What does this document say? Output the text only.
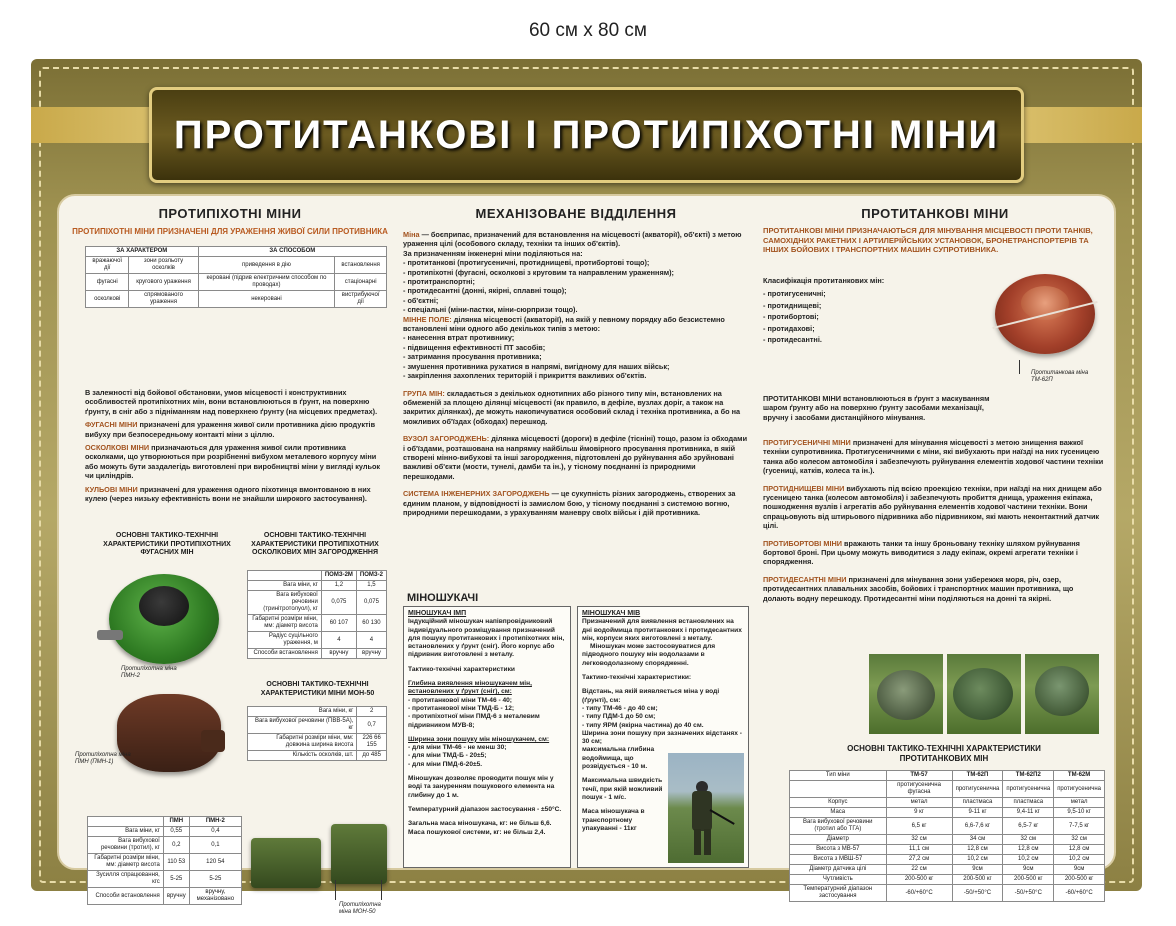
60 см х 80 см
ПРОТИТАНКОВІ І ПРОТИПІХОТНІ МІНИ
ПРОТИПІХОТНІ МІНИ
ПРОТИПІХОТНІ МІНИ ПРИЗНАЧЕНІ ДЛЯ УРАЖЕННЯ ЖИВОЇ СИЛИ ПРОТИВНИКА
ЗА ХАРАКТЕРОМ		ЗА СПОСОБОМ	
вражаючої дії	зони розльоту осколків	приведення в дію	встановлення
фугасні	кругового ураження	керовані (підрив електричним способом по проводах)	стаціонарні
осколкові	спрямованого ураження	некеровані	вистрибуючої дії

В залежності від бойової обстановки, умов місцевості і конструктивних особливостей протипіхотних мін, вони встановлюються в ґрунт, на поверхню ґрунту, в сніг або з підніманням над поверхнею ґрунту (на місцевих предметах).

ФУГАСНІ МІНИ призначені для ураження живої сили противника дією продуктів вибуху при безпосередньому контакті міни з ціллю.

ОСКОЛКОВІ МІНИ призначаються для ураження живої сили противника осколками, що утворюються при розрібненні вибухом металевого корпусу міни або можуть бути заздалегідь виготовлені при виробництві міни у вигляді кульок чи циліндрів.

КУЛЬОВІ МІНИ призначені для ураження одного піхотинця вмонтованою в них кулею (через низьку ефективність вони не знайшли широкого застосування).

ОСНОВНІ ТАКТИКО-ТЕХНІЧНІ ХАРАКТЕРИСТИКИ ПРОТИПІХОТНИХ ФУГАСНИХ МІН
ОСНОВНІ ТАКТИКО-ТЕХНІЧНІ ХАРАКТЕРИСТИКИ ПРОТИПІХОТНИХ ОСКОЛКОВИХ МІН ЗАГОРОДЖЕННЯ
	ПОМЗ-2М	ПОМЗ-2
Вага міни, кг	1,2	1,5
Вага вибухової речовини (тринітротолуол), кг	0,075	0,075
Габаритні розміри міни, мм: діаметр висота	60 107	60 130
Радіус суцільного ураження, м	4	4
Способи встановлення	вручну	вручну
Протипіхотна міна ПМН-2
ОСНОВНІ ТАКТИКО-ТЕХНІЧНІ ХАРАКТЕРИСТИКИ МІНИ МОН-50
Вага міни, кг	2
Вага вибухової речовини (ПВВ-5А), кг	0,7
Габаритні розміри міни, мм: довжина ширина висота	226 66 155
Кількість осколків, шт.	до 485
Протипіхотна міна ПМН (ПМН-1)
	ПМН	ПМН-2
Вага міни, кг	0,55	0,4
Вага вибухової речовини (тротил), кг	0,2	0,1
Габаритні розміри міни, мм: діаметр висота	110 53	120 54
Зусилля спрацювання, кгс	5-25	5-25
Способи встановлення	вручну	вручну, механізовано
Протипіхотна міна МОН-50
МЕХАНІЗОВАНЕ ВІДДІЛЕННЯ

Міна — боєприпас, призначений для встановлення на місцевості (акваторії), об'єкті) з метою ураження цілі (особового складу, техніки та інших об'єктів).

За призначенням інженерні міни поділяються на:
- протитанкові (протигусеничні, протиднищеві, протибортові тощо);
- протипіхотні (фугасні, осколкові з круговим та направленим ураженням);
- протитранспортні;
- протидесантні (донні, якірні, сплавні тощо);
- об'єктні;
- спеціальні (міни-пастки, міни-сюрпризи тощо).
МІННЕ ПОЛЕ: ділянка місцевості (акваторії), на якій у певному порядку або безсистемно встановлені міни одного або декількох типів з метою:
- нанесення втрат противнику;
- підвищення ефективності ПТ засобів;
- затримання просування противника;
- змушення противника рухатися в напрямі, вигідному для наших військ;
- закріплення захоплених територій і прикриття важливих об'єктів.

ГРУПА МІН: складається з декількох однотипних або різного типу мін, встановлених на обмеженій за площею ділянці місцевості (як правило, в дефіле, вузлах доріг, а також на закритих ділянках), де можуть накопичуватися особовий склад і техніка противника, а бо на можливих об'їздах (обходах) перешкод.

ВУЗОЛ ЗАГОРОДЖЕНЬ: ділянка місцевості (дороги) в дефіле (тісніні) тощо, разом із обходами і об'їздами, розташована на напрямку найбільш ймовірного просування противника, в якій створені мінно-вибухові та інші загородження, підготовлені до руйнування або зруйновані важливі об'єкти (мости, тунелі, дамби та ін.), у тісному поєднанні із природними перешкодами.

СИСТЕМА ІНЖЕНЕРНИХ ЗАГОРОДЖЕНЬ — це сукупність різних загороджень, створених за єдиним планом, у відповідності із замислом бою, у тісному поєднанні з системою вогню, природними перешкодами, з урахуванням маневру своїх військ і дій противника.

МІНОШУКАЧІ
МІНОШУКАЧ ІМП
Індукційний міношукач напівпровідниковий індивідуального розміщування призначений для пошуку протитанкових і протипіхотних мін, встановлених у ґрунт (сніг). Його корпус або підривник виготовлені з металу.
Тактико-технічні характеристики
Глибина виявлення міношукачем мін, встановлених у ґрунт (сніг), см:
- протитанкової міни ТМ-46 - 40;
- протитанкової міни ТМД-Б - 12;
- протипіхотної міни ПМД-6 з металевим підривником МУВ-8;
Ширина зони пошуку мін міношукачем, см:
- для міни ТМ-46 - не менш 30;
- для міни ТМД-Б - 20±5;
- для міни ПМД-6-20±5.
Міношукач дозволяє проводити пошук мін у воді та зануренням пошукового елемента на глибину до 1 м.
Температурний діапазон застосування - ±50°С.
Загальна маса міношукача, кг: не більш 6,6. Маса пошукової системи, кг: не більш 2,4.
МІНОШУКАЧ МІВ
Призначений для виявлення встановлених на дні водоймища протитанкових і протидесантних мін, корпуси яких виготовлені з металу.
Міношукач може застосовуватися для підводного пошуку мін водолазами в легководолазному спорядженні.
Тактико-технічні характеристики:
Відстань, на якій виявляється міна у воді (ґрунті), см:
- типу ТМ-46 - до 40 см;
- типу ПДМ-1 до 50 см;
- типу ЯРМ (якірна частина) до 40 см.
Ширина зони пошуку при зазначених відстанях - 30 см;
максимальна глибина водоймища, що розвідується - 10 м.
Максимальна швидкість течії, при якій можливий пошук - 1 м/с.
Маса міношукача в транспортному упакуванні - 11кг
ПРОТИТАНКОВІ МІНИ
ПРОТИТАНКОВІ МІНИ ПРИЗНАЧАЮТЬСЯ ДЛЯ МІНУВАННЯ МІСЦЕВОСТІ ПРОТИ ТАНКІВ, САМОХІДНИХ РАКЕТНИХ І АРТИЛЕРІЙСЬКИХ УСТАНОВОК, БРОНЕТРАНСПОРТЕРІВ ТА ІНШИХ БОЙОВИХ І ТРАНСПОРТНИХ МАШИН СУПРОТИВНИКА.
Класифікація протитанкових мін:
- протигусеничні;
- протиднищеві;
- протибортові;
- протидахові;
- протидесантні.
Протитанкова міна ТМ-62П
ПРОТИТАНКОВІ МІНИ встановлюються в ґрунт з маскуванням шаром ґрунту або на поверхню ґрунту засобами механізації, вручну і засобами дистанційного мінування.

ПРОТИГУСЕНИЧНІ МІНИ призначені для мінування місцевості з метою знищення важкої техніки супротивника. Протигусеничними є міни, які вибухають при наїзді на них гусеницею танка або колесом автомобіля і забезпечують руйнування елементів ходової частини техніки (гусениці, катків, колеса та ін.).

ПРОТИДНИЩЕВІ МІНИ вибухають під всією проекцією техніки, при наїзді на них днищем або гусеницею танка (колесом автомобіля) і забезпечують пробиття днища, ураження екіпажа, пошкодження вузлів і агрегатів або руйнування елементів ходової частини техніки. Вони спрацьовують від штирьового підривника або підривником, які мають неконтактний датчик цілі.

ПРОТИБОРТОВІ МІНИ вражають танки та іншу броньовану техніку шляхом руйнування бортової броні. При цьому можуть виводитися з ладу екіпаж, окремі агрегати техніки і спорядження.

ПРОТИДЕСАНТНІ МІНИ призначені для мінування зони узбережжя моря, річ, озер, протидесантних плавальних засобів, бойових і транспортних машин противника, що долають водну перешкоду. Протидесантні міни поділяються на донні та якірні.

ОСНОВНІ ТАКТИКО-ТЕХНІЧНІ ХАРАКТЕРИСТИКИ ПРОТИТАНКОВИХ МІН
Тип міни	ТМ-57	ТМ-62П	ТМ-62П2	ТМ-62М
	протигусенична фугасна	протигусенична	протигусенична	протигусенична
Корпус	метал	пластмаса	пластмаса	метал
Маса	9 кг	9-11 кг	9,4-11 кг	9,5-10 кг
Вага вибухової речовини (тротил або ТГА)	6,5 кг	6,6-7,6 кг	6,5-7 кг	7-7,5 кг
Діаметр	32 см	34 см	32 см	32 см
Висота з МВ-57	11,1 см	12,8 см	12,8 см	12,8 см
Висота з МВШ-57	27,2 см	10,2 см	10,2 см	10,2 см
Діаметр датчика цілі	22 см	9см	9см	9см
Чутливість	200-500 кг	200-500 кг	200-500 кг	200-500 кг
Температурний діапазон застосування	-60/+60°C	-50/+50°C	-50/+50°C	-60/+60°C
